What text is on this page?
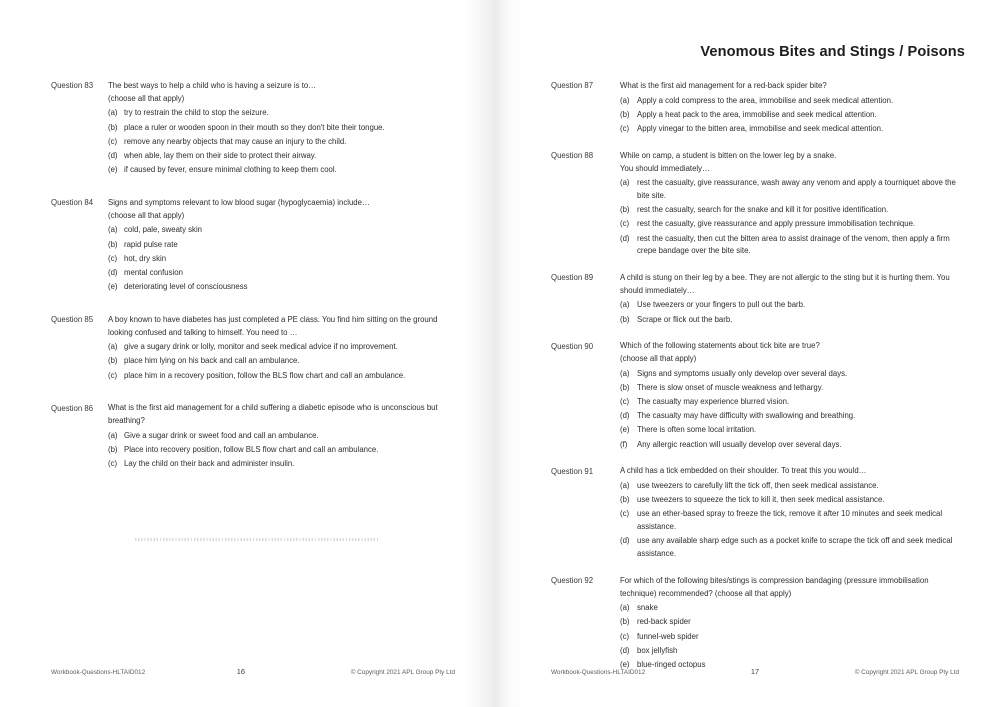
Question 83	The best ways to help a child who is having a seizure is to…
(choose all that apply)
(a) try to restrain the child to stop the seizure.
(b) place a ruler or wooden spoon in their mouth so they don't bite their tongue.
(c) remove any nearby objects that may cause an injury to the child.
(d) when able, lay them on their side to protect their airway.
(e) if caused by fever, ensure minimal clothing to keep them cool.
Question 84	Signs and symptoms relevant to low blood sugar (hypoglycaemia) include…
(choose all that apply)
(a) cold, pale, sweaty skin
(b) rapid pulse rate
(c) hot, dry skin
(d) mental confusion
(e) deteriorating level of consciousness
Question 85	A boy known to have diabetes has just completed a PE class. You find him sitting on the ground looking confused and talking to himself. You need to …
(a) give a sugary drink or lolly, monitor and seek medical advice if no improvement.
(b) place him lying on his back and call an ambulance.
(c) place him in a recovery position, follow the BLS flow chart and call an ambulance.
Question 86	What is the first aid management for a child suffering a diabetic episode who is unconscious but breathing?
(a) Give a sugar drink or sweet food and call an ambulance.
(b) Place into recovery position, follow BLS flow chart and call an ambulance.
(c) Lay the child on their back and administer insulin.
Workbook-Questions-HLTAID012	16	© Copyright 2021 APL Group Pty Ltd
Venomous Bites and Stings / Poisons
Question 87	What is the first aid management for a red-back spider bite?
(a) Apply a cold compress to the area, immobilise and seek medical attention.
(b) Apply a heat pack to the area, immobilise and seek medical attention.
(c)	Apply vinegar to the bitten area, immobilise and seek medical attention.
Question 88	While on camp, a student is bitten on the lower leg by a snake.
You should immediately…
(a) rest the casualty, give reassurance, wash away any venom and apply a tourniquet above the bite site.
(b) rest the casualty, search for the snake and kill it for positive identification.
(c)	rest the casualty, give reassurance and apply pressure immobilisation technique.
(d) rest the casualty, then cut the bitten area to assist drainage of the venom, then apply a firm crepe bandage over the bite site.
Question 89	A child is stung on their leg by a bee. They are not allergic to the sting but it is hurting them. You should immediately…
(a) Use tweezers or your fingers to pull out the barb.
(b) Scrape or flick out the barb.
Question 90	Which of the following statements about tick bite are true?
(choose all that apply)
(a) Signs and symptoms usually only develop over several days.
(b) There is slow onset of muscle weakness and lethargy.
(c)	The casualty may experience blurred vision.
(d) The casualty may have difficulty with swallowing and breathing.
(e) There is often some local irritation.
(f)	Any allergic reaction will usually develop over several days.
Question 91	A child has a tick embedded on their shoulder. To treat this you would…
(a) use tweezers to carefully lift the tick off, then seek medical assistance.
(b) use tweezers to squeeze the tick to kill it, then seek medical assistance.
(c)	use an ether-based spray to freeze the tick, remove it after 10 minutes and seek medical assistance.
(d) use any available sharp edge such as a pocket knife to scrape the tick off and seek medical assistance.
Question 92	For which of the following bites/stings is compression bandaging (pressure immobilisation technique) recommended? (choose all that apply)
(a) snake
(b) red-back spider
(c)	funnel-web spider
(d) box jellyfish
(e) blue-ringed octopus
Workbook-Questions-HLTAID012	17	© Copyright 2021 APL Group Pty Ltd
